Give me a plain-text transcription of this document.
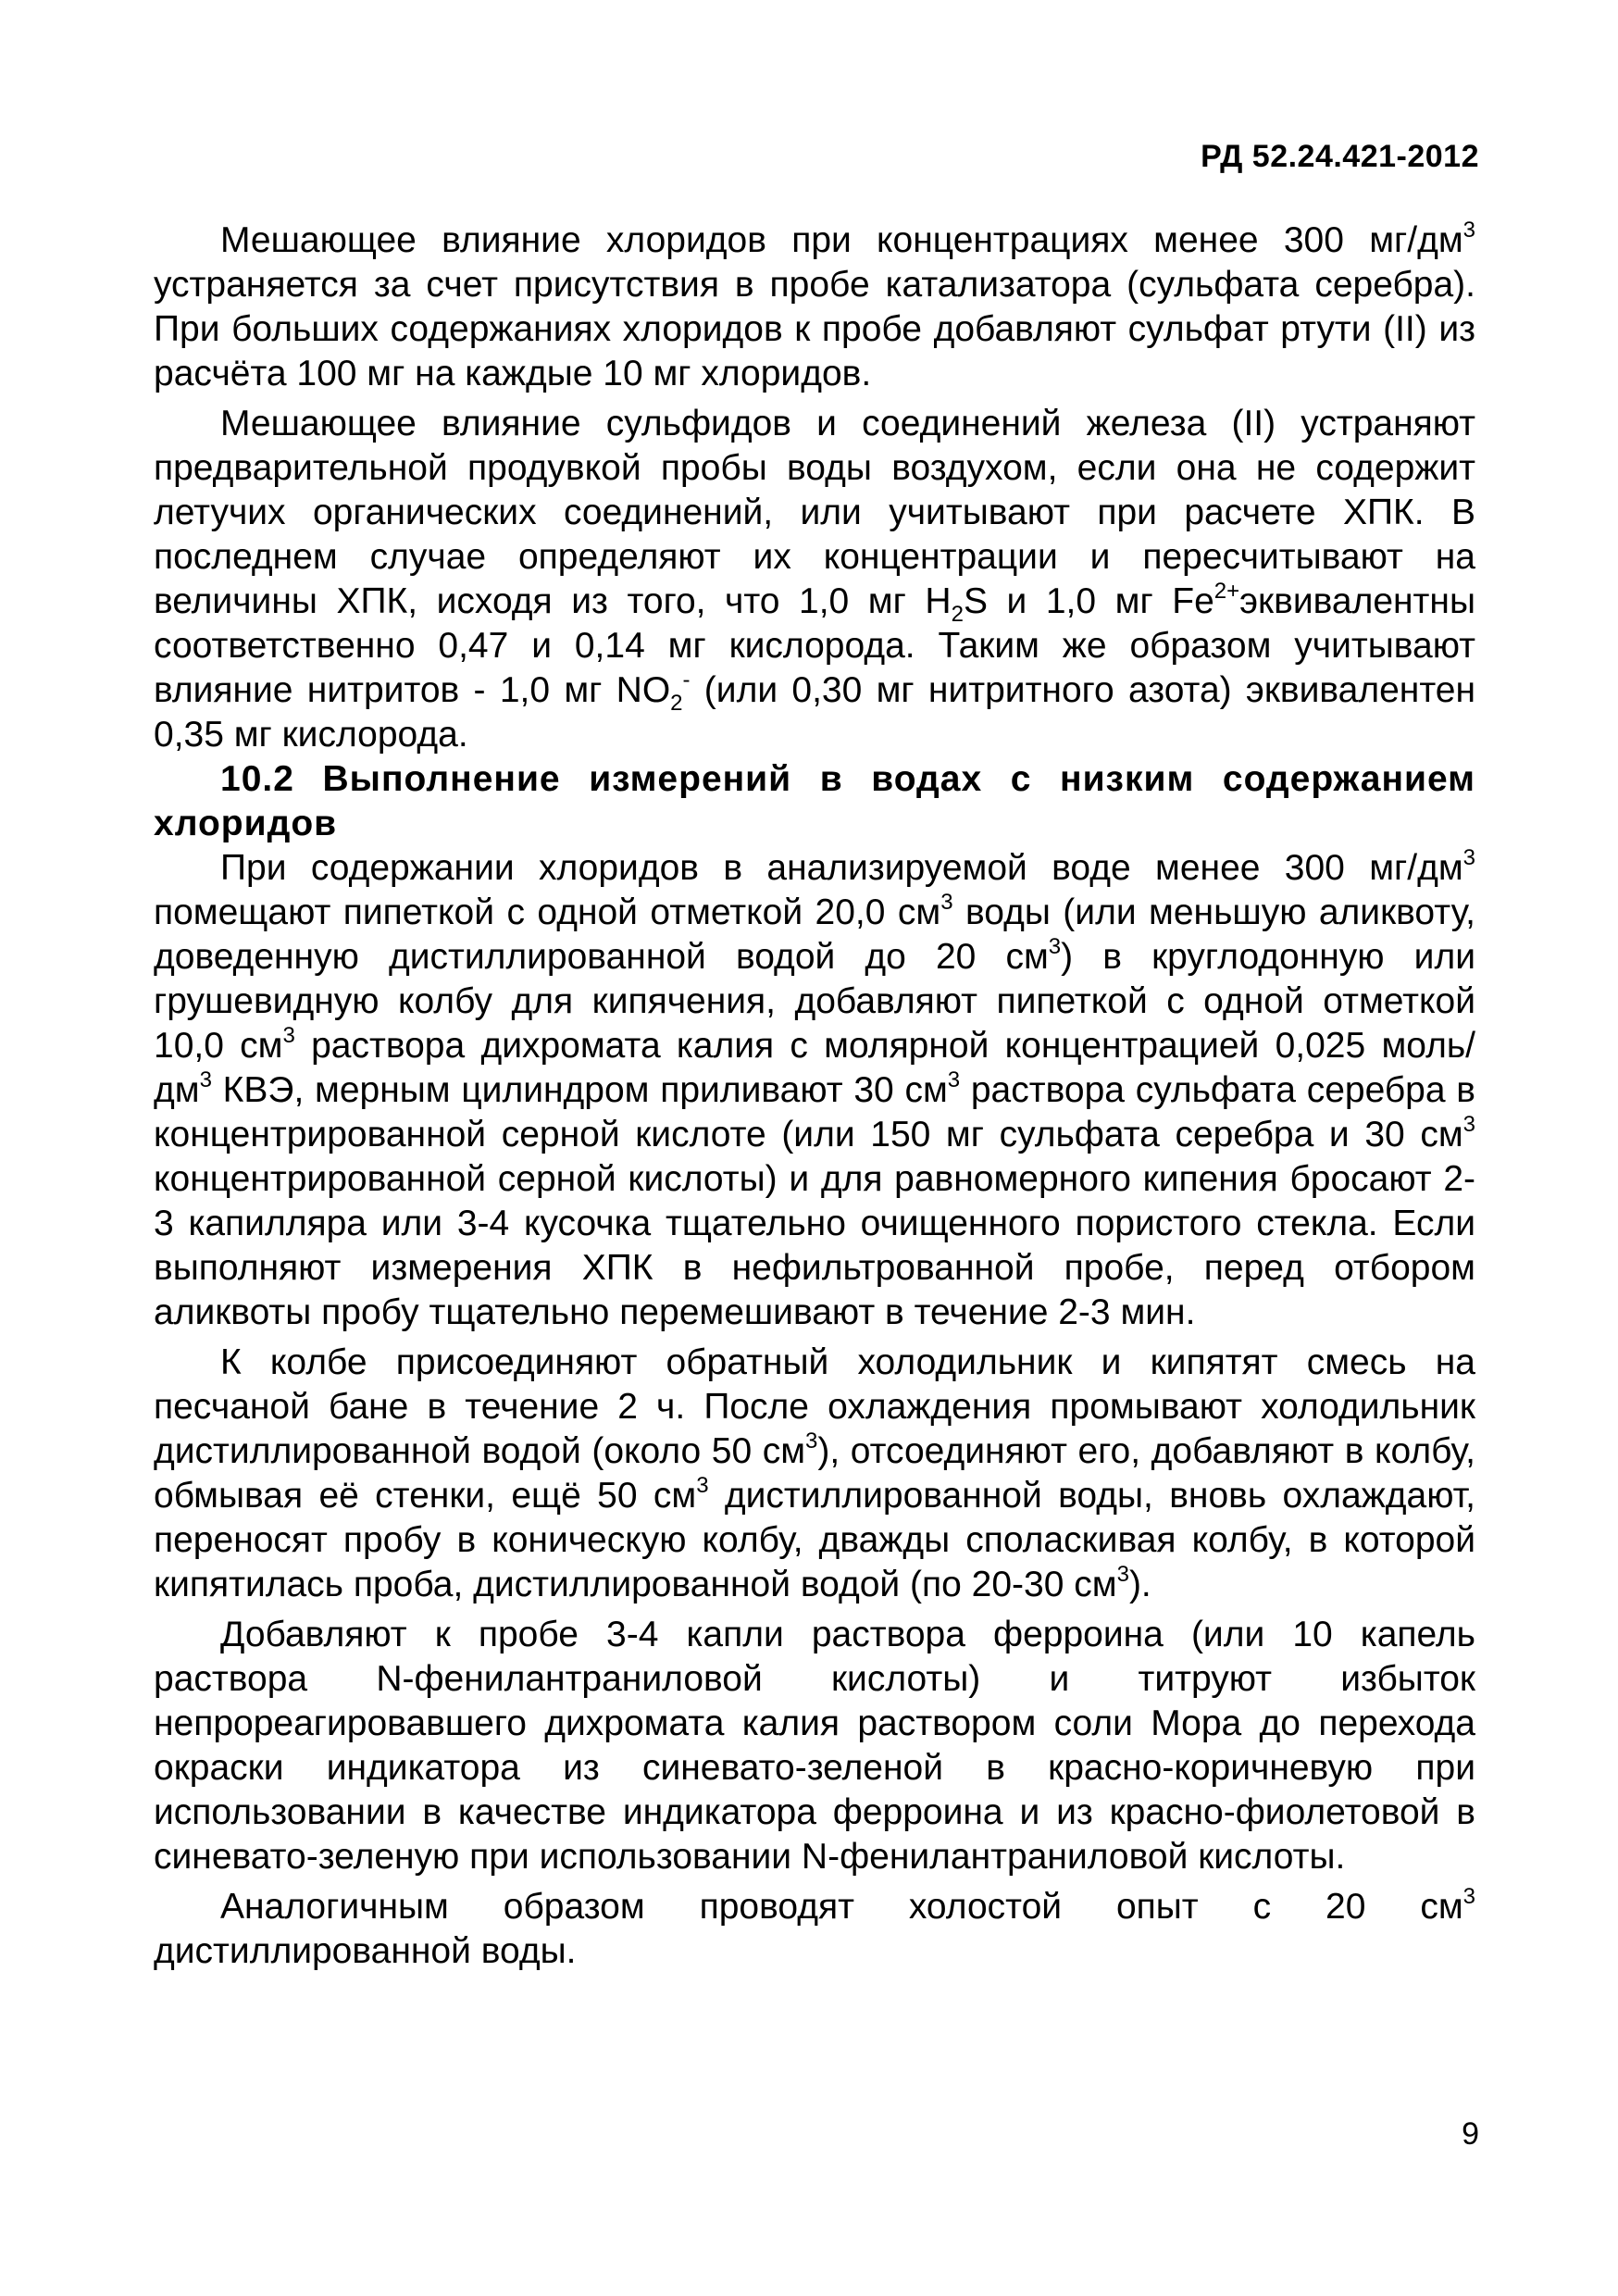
РД 52.24.421-2012

Мешающее влияние хлоридов при концентрациях менее 300 $мг/дм^3$ устраняется за счет присутствия в пробе катализатора (сульфата серебра). При больших содержаниях хлоридов к пробе добавляют сульфат ртути (II) из расчёта 100 мг на каждые 10 мг хлоридов.

Мешающее влияние сульфидов и соединений железа (II) устраняют предварительной продувкой пробы воды воздухом, если она не содержит летучих органических соединений, или учитывают при расчете ХПК. В последнем случае определяют их концентрации и пересчитывают на величины ХПК, исходя из того, что 1,0 мг $H_2S$ и 1,0 мг $Fe^{2+}эквивалентны$ соответственно 0,47 и 0,14 мг кислорода. Таким же образом учитывают влияние нитритов - 1,0 мг $NO_2^-$ (или 0,30 мг нитритного азота) эквивалентен 0,35 мг кислорода.

10.2 Выполнение измерений в водах с низким содержанием хлоридов

При содержании хлоридов в анализируемой воде менее 300 $мг/дм^3$ помещают пипеткой с одной отметкой 20,0 $см^3$ воды (или меньшую аликвоту, доведенную дистиллированной водой до 20 $см^3$) в круглодонную или грушевидную колбу для кипячения, добавляют пипеткой с одной отметкой 10,0 $см^3$ раствора дихромата калия с молярной концентрацией 0,025 моль/$дм^3$ КВЭ, мерным цилиндром приливают 30 $см^3$ раствора сульфата серебра в концентрированной серной кислоте (или 150 мг сульфата серебра и 30 $см^3$ концентрированной серной кислоты) и для равномерного кипения бросают 2-3 капилляра или 3-4 кусочка тщательно очищенного пористого стекла. Если выполняют измерения ХПК в нефильтрованной пробе, перед отбором аликвоты пробу тщательно перемешивают в течение 2-3 мин.

К колбе присоединяют обратный холодильник и кипятят смесь на песчаной бане в течение 2 ч. После охлаждения промывают холодильник дистиллированной водой (около 50 $см^3$), отсоединяют его, добавляют в колбу, обмывая её стенки, ещё 50 $см^3$ дистиллированной воды, вновь охлаждают, переносят пробу в коническую колбу, дважды споласкивая колбу, в которой кипятилась проба, дистиллированной водой (по 20-30 $см^3$).

Добавляют к пробе 3-4 капли раствора ферроина (или 10 капель раствора N-фенилантраниловой кислоты) и титруют избыток непрореагировавшего дихромата калия раствором соли Мора до перехода окраски индикатора из синевато-зеленой в красно-коричневую при использовании в качестве индикатора ферроина и из красно-фиолетовой в синевато-зеленую при использовании N-фенилантраниловой кислоты.

Аналогичным образом проводят холостой опыт с 20 $см^3$ дистиллированной воды.

9
